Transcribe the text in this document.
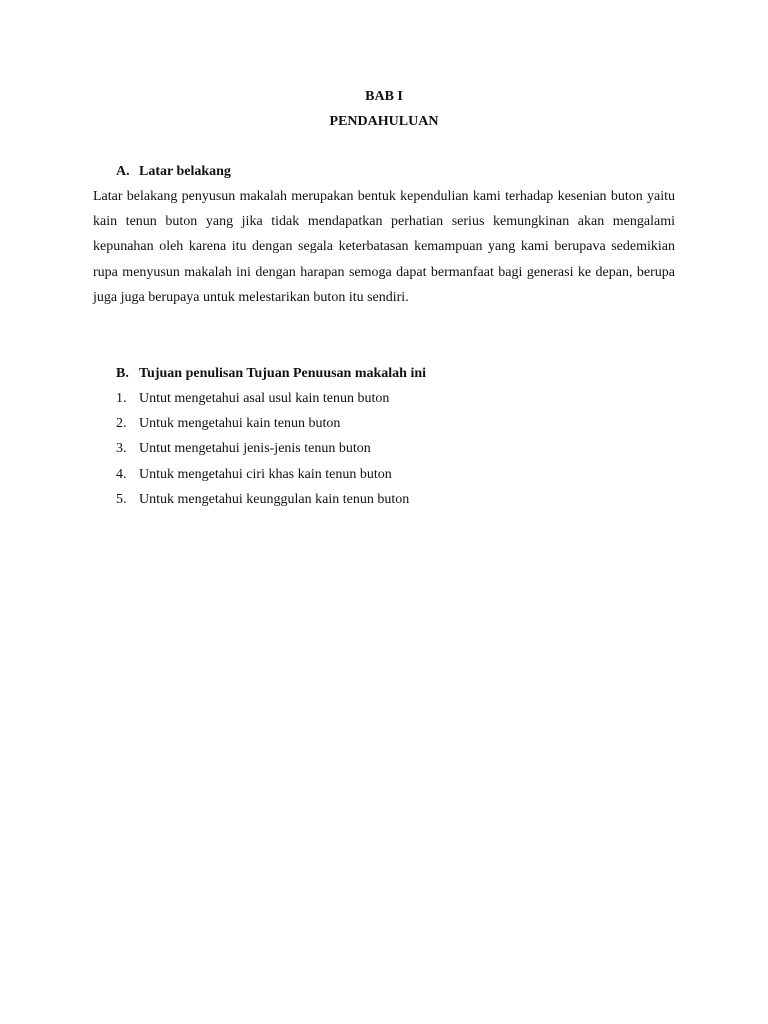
BAB I
PENDAHULUAN
A. Latar belakang

Latar belakang penyusun makalah merupakan bentuk kependulian kami terhadap kesenian buton yaitu kain tenun buton yang jika tidak mendapatkan perhatian serius kemungkinan akan mengalami kepunahan oleh karena itu dengan segala keterbatasan kemampuan yang kami berupava sedemikian rupa menyusun makalah ini dengan harapan semoga dapat bermanfaat bagi generasi ke depan, berupa juga juga berupaya untuk melestarikan buton itu sendiri.

B. Tujuan penulisan Tujuan Penuusan makalah ini
1. Untut mengetahui asal usul kain tenun buton
2. Untuk mengetahui kain tenun buton
3. Untut mengetahui jenis-jenis tenun buton
4. Untuk mengetahui ciri khas kain tenun buton
5. Untuk mengetahui keunggulan kain tenun buton
